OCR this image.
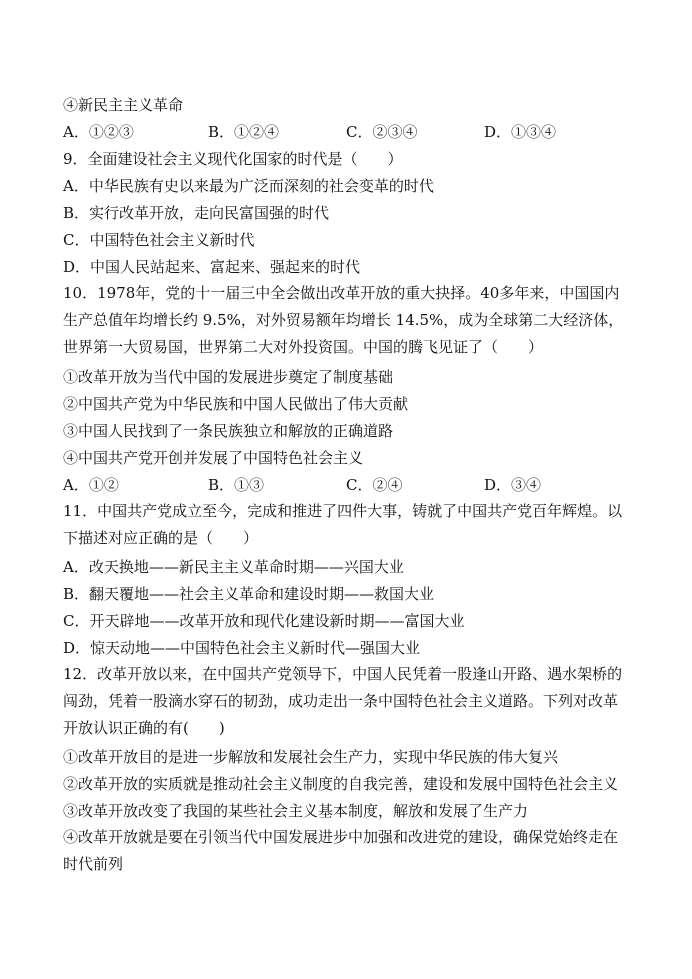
④新民主主义革命
A．①②③	B．①②④	C．②③④	D．①③④
9．全面建设社会主义现代化国家的时代是（　　）
A．中华民族有史以来最为广泛而深刻的社会变革的时代
B．实行改革开放，走向民富国强的时代
C．中国特色社会主义新时代
D．中国人民站起来、富起来、强起来的时代
10．1978年，党的十一届三中全会做出改革开放的重大抉择。40多年来，中国国内生产总值年均增长约 9.5%，对外贸易额年均增长 14.5%，成为全球第二大经济体，世界第一大贸易国，世界第二大对外投资国。中国的腾飞见证了（　　）
①改革开放为当代中国的发展进步奠定了制度基础
②中国共产党为中华民族和中国人民做出了伟大贡献
③中国人民找到了一条民族独立和解放的正确道路
④中国共产党开创并发展了中国特色社会主义
A．①②	B．①③	C．②④	D．③④
11．中国共产党成立至今，完成和推进了四件大事，铸就了中国共产党百年辉煌。以下描述对应正确的是（　　）
A．改天换地——新民主主义革命时期——兴国大业
B．翻天覆地——社会主义革命和建设时期——救国大业
C．开天辟地——改革开放和现代化建设新时期——富国大业
D．惊天动地——中国特色社会主义新时代—强国大业
12．改革开放以来，在中国共产党领导下，中国人民凭着一股逢山开路、遇水架桥的闯劲，凭着一股滴水穿石的韧劲，成功走出一条中国特色社会主义道路。下列对改革开放认识正确的有(　　)
①改革开放目的是进一步解放和发展社会生产力，实现中华民族的伟大复兴
②改革开放的实质就是推动社会主义制度的自我完善，建设和发展中国特色社会主义
③改革开放改变了我国的某些社会主义基本制度，解放和发展了生产力
④改革开放就是要在引领当代中国发展进步中加强和改进党的建设，确保党始终走在时代前列
